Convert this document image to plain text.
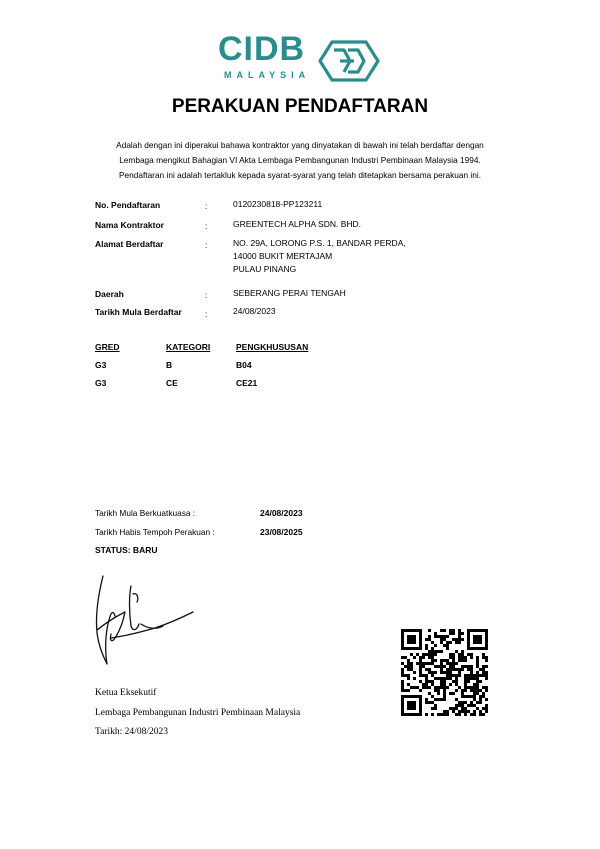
CIDB
MALAYSIA
PERAKUAN PENDAFTARAN
Adalah dengan ini diperakui bahawa kontraktor yang dinyatakan di bawah ini telah berdaftar dengan
Lembaga mengikut Bahagian VI Akta Lembaga Pembangunan Industri Pembinaan Malaysia 1994.
Pendaftaran ini adalah tertakluk kepada syarat-syarat yang telah ditetapkan bersama perakuan ini.
No. Pendaftaran	:	0120230818-PP123211
Nama Kontraktor	:	GREENTECH ALPHA SDN. BHD.
Alamat Berdaftar	:	NO. 29A, LORONG P.S. 1, BANDAR PERDA,
14000 BUKIT MERTAJAM
PULAU PINANG
Daerah	:	SEBERANG PERAI TENGAH
Tarikh Mula Berdaftar	:	24/08/2023
GRED	KATEGORI	PENGKHUSUSAN
G3	B	B04
G3	CE	CE21
Tarikh Mula Berkuatkuasa :	24/08/2023
Tarikh Habis Tempoh Perakuan :	23/08/2025
STATUS: BARU
Ketua Eksekutif
Lembaga Pembangunan Industri Pembinaan Malaysia
Tarikh: 24/08/2023
